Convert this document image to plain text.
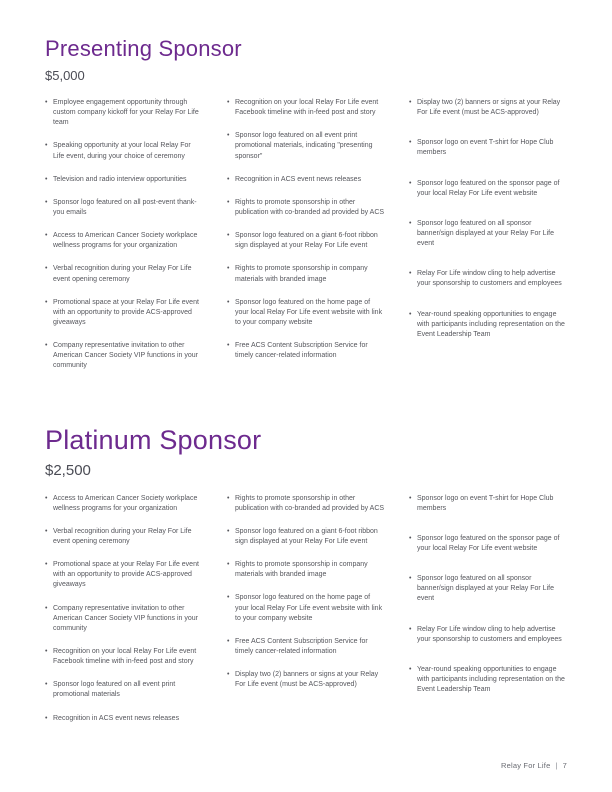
Presenting Sponsor
$5,000
• Employee engagement opportunity through custom company kickoff for your Relay For Life team
• Speaking opportunity at your local Relay For Life event, during your choice of ceremony
• Television and radio interview opportunities
• Sponsor logo featured on all post-event thank-you emails
• Access to American Cancer Society workplace wellness programs for your organization
• Verbal recognition during your Relay For Life event opening ceremony
• Promotional space at your Relay For Life event with an opportunity to provide ACS-approved giveaways
• Company representative invitation to other American Cancer Society VIP functions in your community
• Recognition on your local Relay For Life event Facebook timeline with in-feed post and story
• Sponsor logo featured on all event print promotional materials, indicating "presenting sponsor"
• Recognition in ACS event news releases
• Rights to promote sponsorship in other publication with co-branded ad provided by ACS
• Sponsor logo featured on a giant 6-foot ribbon sign displayed at your Relay For Life event
• Rights to promote sponsorship in company materials with branded image
• Sponsor logo featured on the home page of your local Relay For Life event website with link to your company website
• Free ACS Content Subscription Service for timely cancer-related information
• Display two (2) banners or signs at your Relay For Life event (must be ACS-approved)
• Sponsor logo on event T-shirt for Hope Club members
• Sponsor logo featured on the sponsor page of your local Relay For Life event website
• Sponsor logo featured on all sponsor banner/sign displayed at your Relay For Life event
• Relay For Life window cling to help advertise your sponsorship to customers and employees
• Year-round speaking opportunities to engage with participants including representation on the Event Leadership Team
Platinum Sponsor
$2,500
• Access to American Cancer Society workplace wellness programs for your organization
• Verbal recognition during your Relay For Life event opening ceremony
• Promotional space at your Relay For Life event with an opportunity to provide ACS-approved giveaways
• Company representative invitation to other American Cancer Society VIP functions in your community
• Recognition on your local Relay For Life event Facebook timeline with in-feed post and story
• Sponsor logo featured on all event print promotional materials
• Recognition in ACS event news releases
• Rights to promote sponsorship in other publication with co-branded ad provided by ACS
• Sponsor logo featured on a giant 6-foot ribbon sign displayed at your Relay For Life event
• Rights to promote sponsorship in company materials with branded image
• Sponsor logo featured on the home page of your local Relay For Life event website with link to your company website
• Free ACS Content Subscription Service for timely cancer-related information
• Display two (2) banners or signs at your Relay For Life event (must be ACS-approved)
• Sponsor logo on event T-shirt for Hope Club members
• Sponsor logo featured on the sponsor page of your local Relay For Life event website
• Sponsor logo featured on all sponsor banner/sign displayed at your Relay For Life event
• Relay For Life window cling to help advertise your sponsorship to customers and employees
• Year-round speaking opportunities to engage with participants including representation on the Event Leadership Team
Relay For Life | 7
